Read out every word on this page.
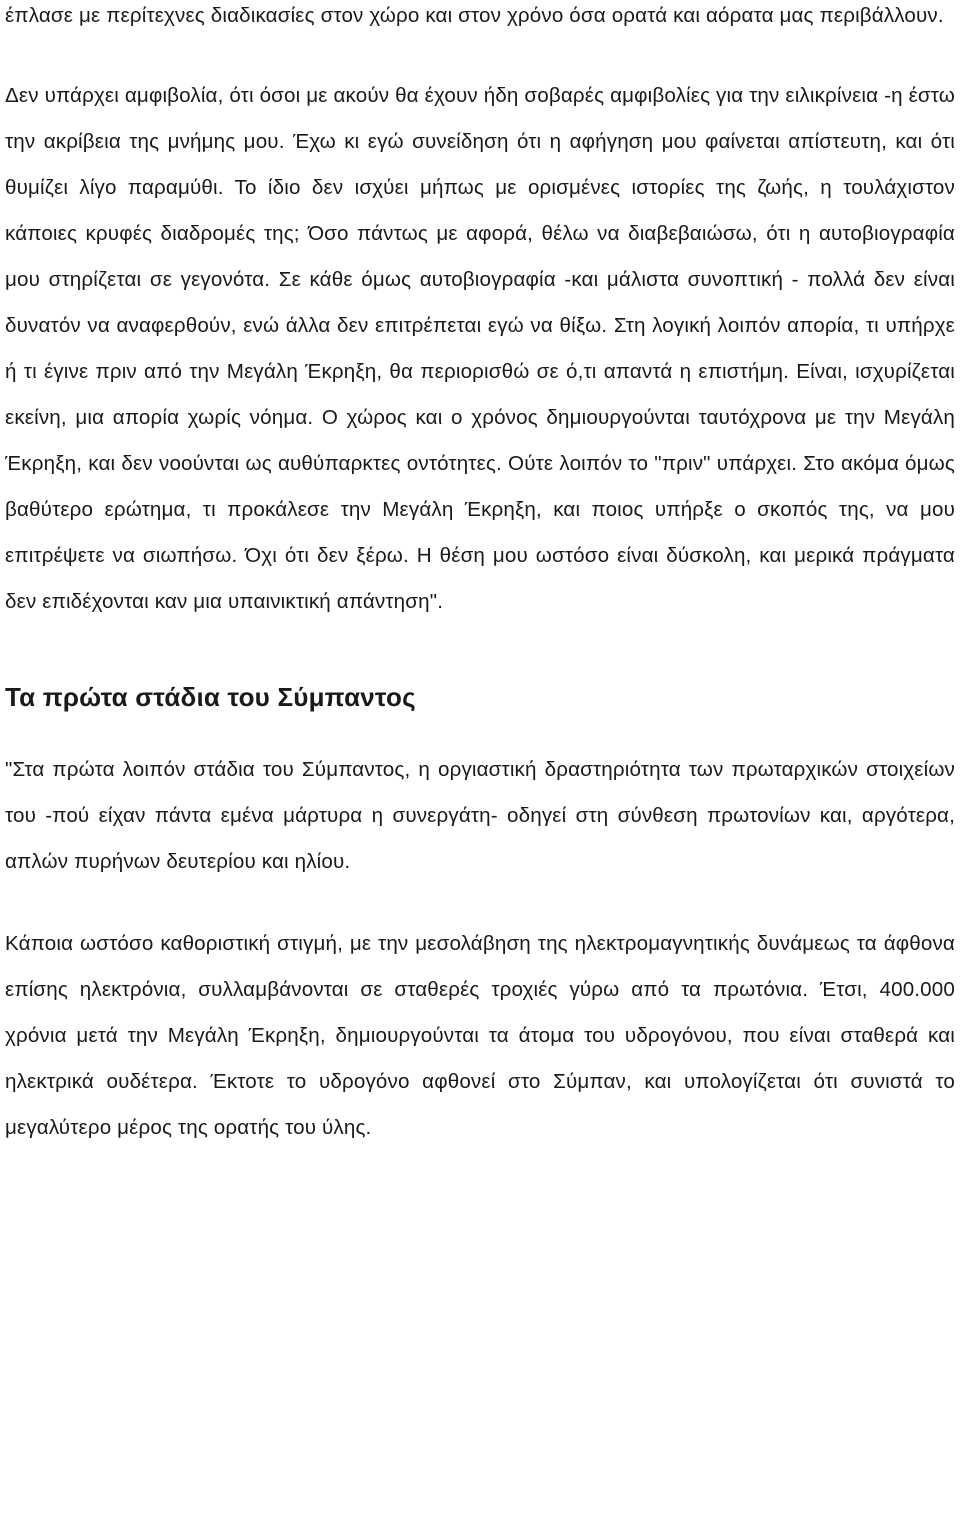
έπλασε με περίτεχνες διαδικασίες στον χώρο και στον χρόνο όσα ορατά και αόρατα μας περιβάλλουν.

Δεν υπάρχει αμφιβολία, ότι όσοι με ακούν θα έχουν ήδη σοβαρές αμφιβολίες για την ειλικρίνεια -η έστω την ακρίβεια της μνήμης μου. Έχω κι εγώ συνείδηση ότι η αφήγηση μου φαίνεται απίστευτη, και ότι θυμίζει λίγο παραμύθι. Το ίδιο δεν ισχύει μήπως με ορισμένες ιστορίες της ζωής, η τουλάχιστον κάποιες κρυφές διαδρομές της; Όσο πάντως με αφορά, θέλω να διαβεβαιώσω, ότι η αυτοβιογραφία μου στηρίζεται σε γεγονότα. Σε κάθε όμως αυτοβιογραφία -και μάλιστα συνοπτική - πολλά δεν είναι δυνατόν να αναφερθούν, ενώ άλλα δεν επιτρέπεται εγώ να θίξω. Στη λογική λοιπόν απορία, τι υπήρχε ή τι έγινε πριν από την Μεγάλη Έκρηξη, θα περιορισθώ σε ό,τι απαντά η επιστήμη. Είναι, ισχυρίζεται εκείνη, μια απορία χωρίς νόημα. Ο χώρος και ο χρόνος δημιουργούνται ταυτόχρονα με την Μεγάλη Έκρηξη, και δεν νοούνται ως αυθύπαρκτες οντότητες. Ούτε λοιπόν το "πριν" υπάρχει. Στο ακόμα όμως βαθύτερο ερώτημα, τι προκάλεσε την Μεγάλη Έκρηξη, και ποιος υπήρξε ο σκοπός της, να μου επιτρέψετε να σιωπήσω. Όχι ότι δεν ξέρω. Η θέση μου ωστόσο είναι δύσκολη, και μερικά πράγματα δεν επιδέχονται καν μια υπαινικτική απάντηση".

Τα πρώτα στάδια του Σύμπαντος

"Στα πρώτα λοιπόν στάδια του Σύμπαντος, η οργιαστική δραστηριότητα των πρωταρχικών στοιχείων του -πού είχαν πάντα εμένα μάρτυρα η συνεργάτη- οδηγεί στη σύνθεση πρωτονίων και, αργότερα, απλών πυρήνων δευτερίου και ηλίου.

Κάποια ωστόσο καθοριστική στιγμή, με την μεσολάβηση της ηλεκτρομαγνητικής δυνάμεως τα άφθονα επίσης ηλεκτρόνια, συλλαμβάνονται σε σταθερές τροχιές γύρω από τα πρωτόνια. Έτσι, 400.000 χρόνια μετά την Μεγάλη Έκρηξη, δημιουργούνται τα άτομα του υδρογόνου, που είναι σταθερά και ηλεκτρικά ουδέτερα. Έκτοτε το υδρογόνο αφθονεί στο Σύμπαν, και υπολογίζεται ότι συνιστά το μεγαλύτερο μέρος της ορατής του ύλης.
